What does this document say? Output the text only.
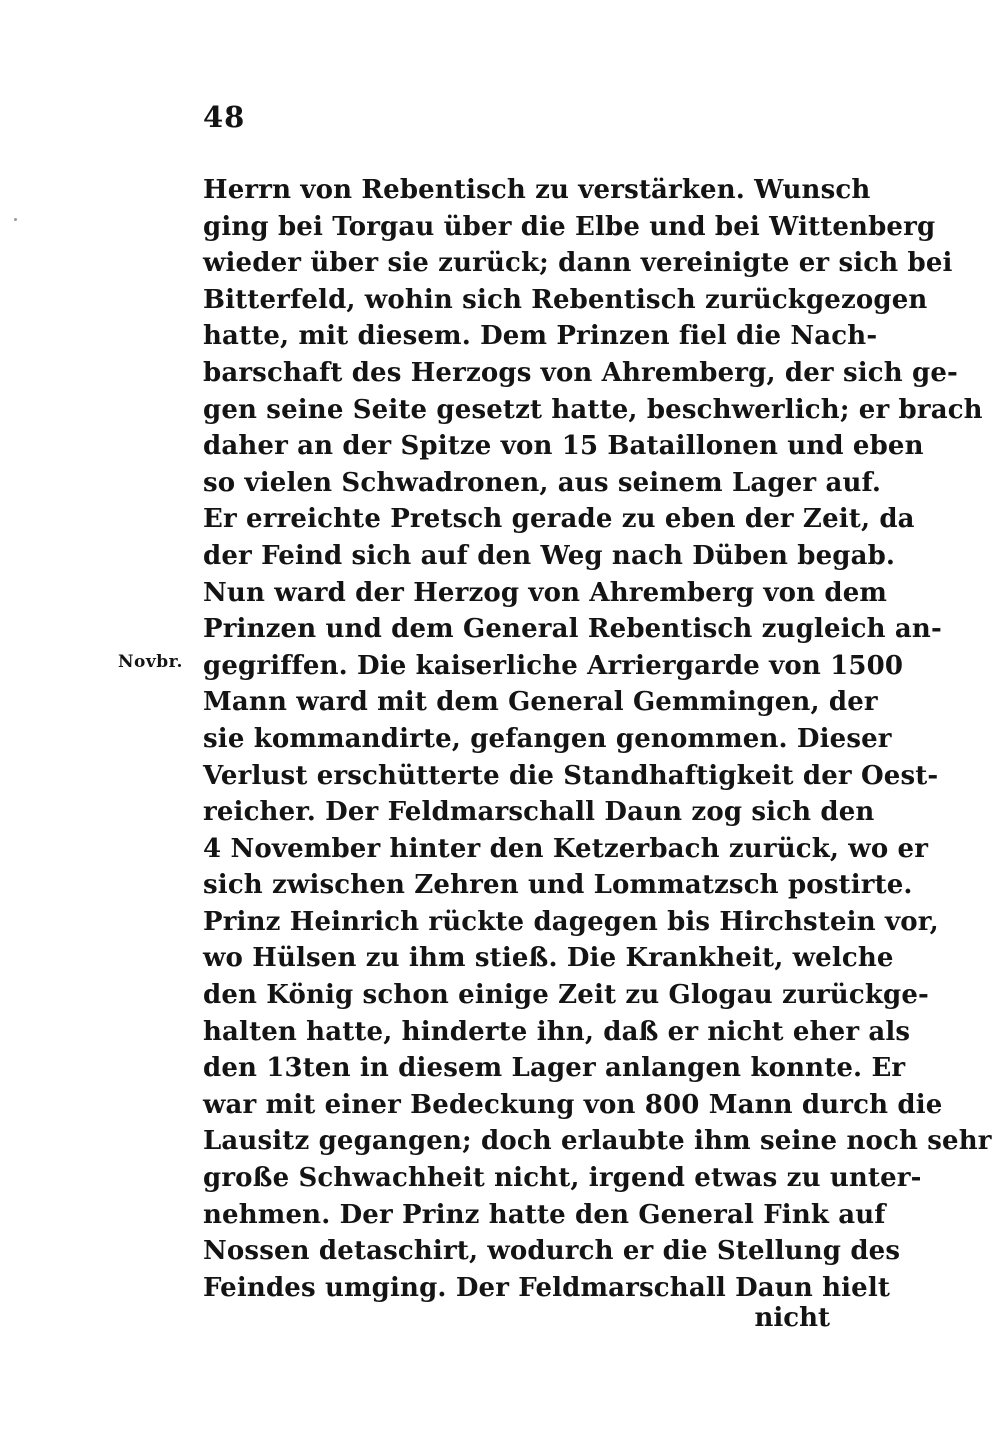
48
Novbr.
Herrn von Rebentisch zu verstärken. Wunsch
ging bei Torgau über die Elbe und bei Wittenberg
wieder über sie zurück; dann vereinigte er sich bei
Bitterfeld, wohin sich Rebentisch zurückgezogen
hatte, mit diesem. Dem Prinzen fiel die Nach-
barschaft des Herzogs von Ahremberg, der sich ge-
gen seine Seite gesetzt hatte, beschwerlich; er brach
daher an der Spitze von 15 Bataillonen und eben
so vielen Schwadronen, aus seinem Lager auf.
Er erreichte Pretsch gerade zu eben der Zeit, da
der Feind sich auf den Weg nach Düben begab.
Nun ward der Herzog von Ahremberg von dem
Prinzen und dem General Rebentisch zugleich an-
gegriffen. Die kaiserliche Arriergarde von 1500
Mann ward mit dem General Gemmingen, der
sie kommandirte, gefangen genommen. Dieser
Verlust erschütterte die Standhaftigkeit der Oest-
reicher. Der Feldmarschall Daun zog sich den
4 November hinter den Ketzerbach zurück, wo er
sich zwischen Zehren und Lommatzsch postirte.
Prinz Heinrich rückte dagegen bis Hirchstein vor,
wo Hülsen zu ihm stieß. Die Krankheit, welche
den König schon einige Zeit zu Glogau zurückge-
halten hatte, hinderte ihn, daß er nicht eher als
den 13ten in diesem Lager anlangen konnte. Er
war mit einer Bedeckung von 800 Mann durch die
Lausitz gegangen; doch erlaubte ihm seine noch sehr
große Schwachheit nicht, irgend etwas zu unter-
nehmen. Der Prinz hatte den General Fink auf
Nossen detaschirt, wodurch er die Stellung des
Feindes umging. Der Feldmarschall Daun hielt
nicht
